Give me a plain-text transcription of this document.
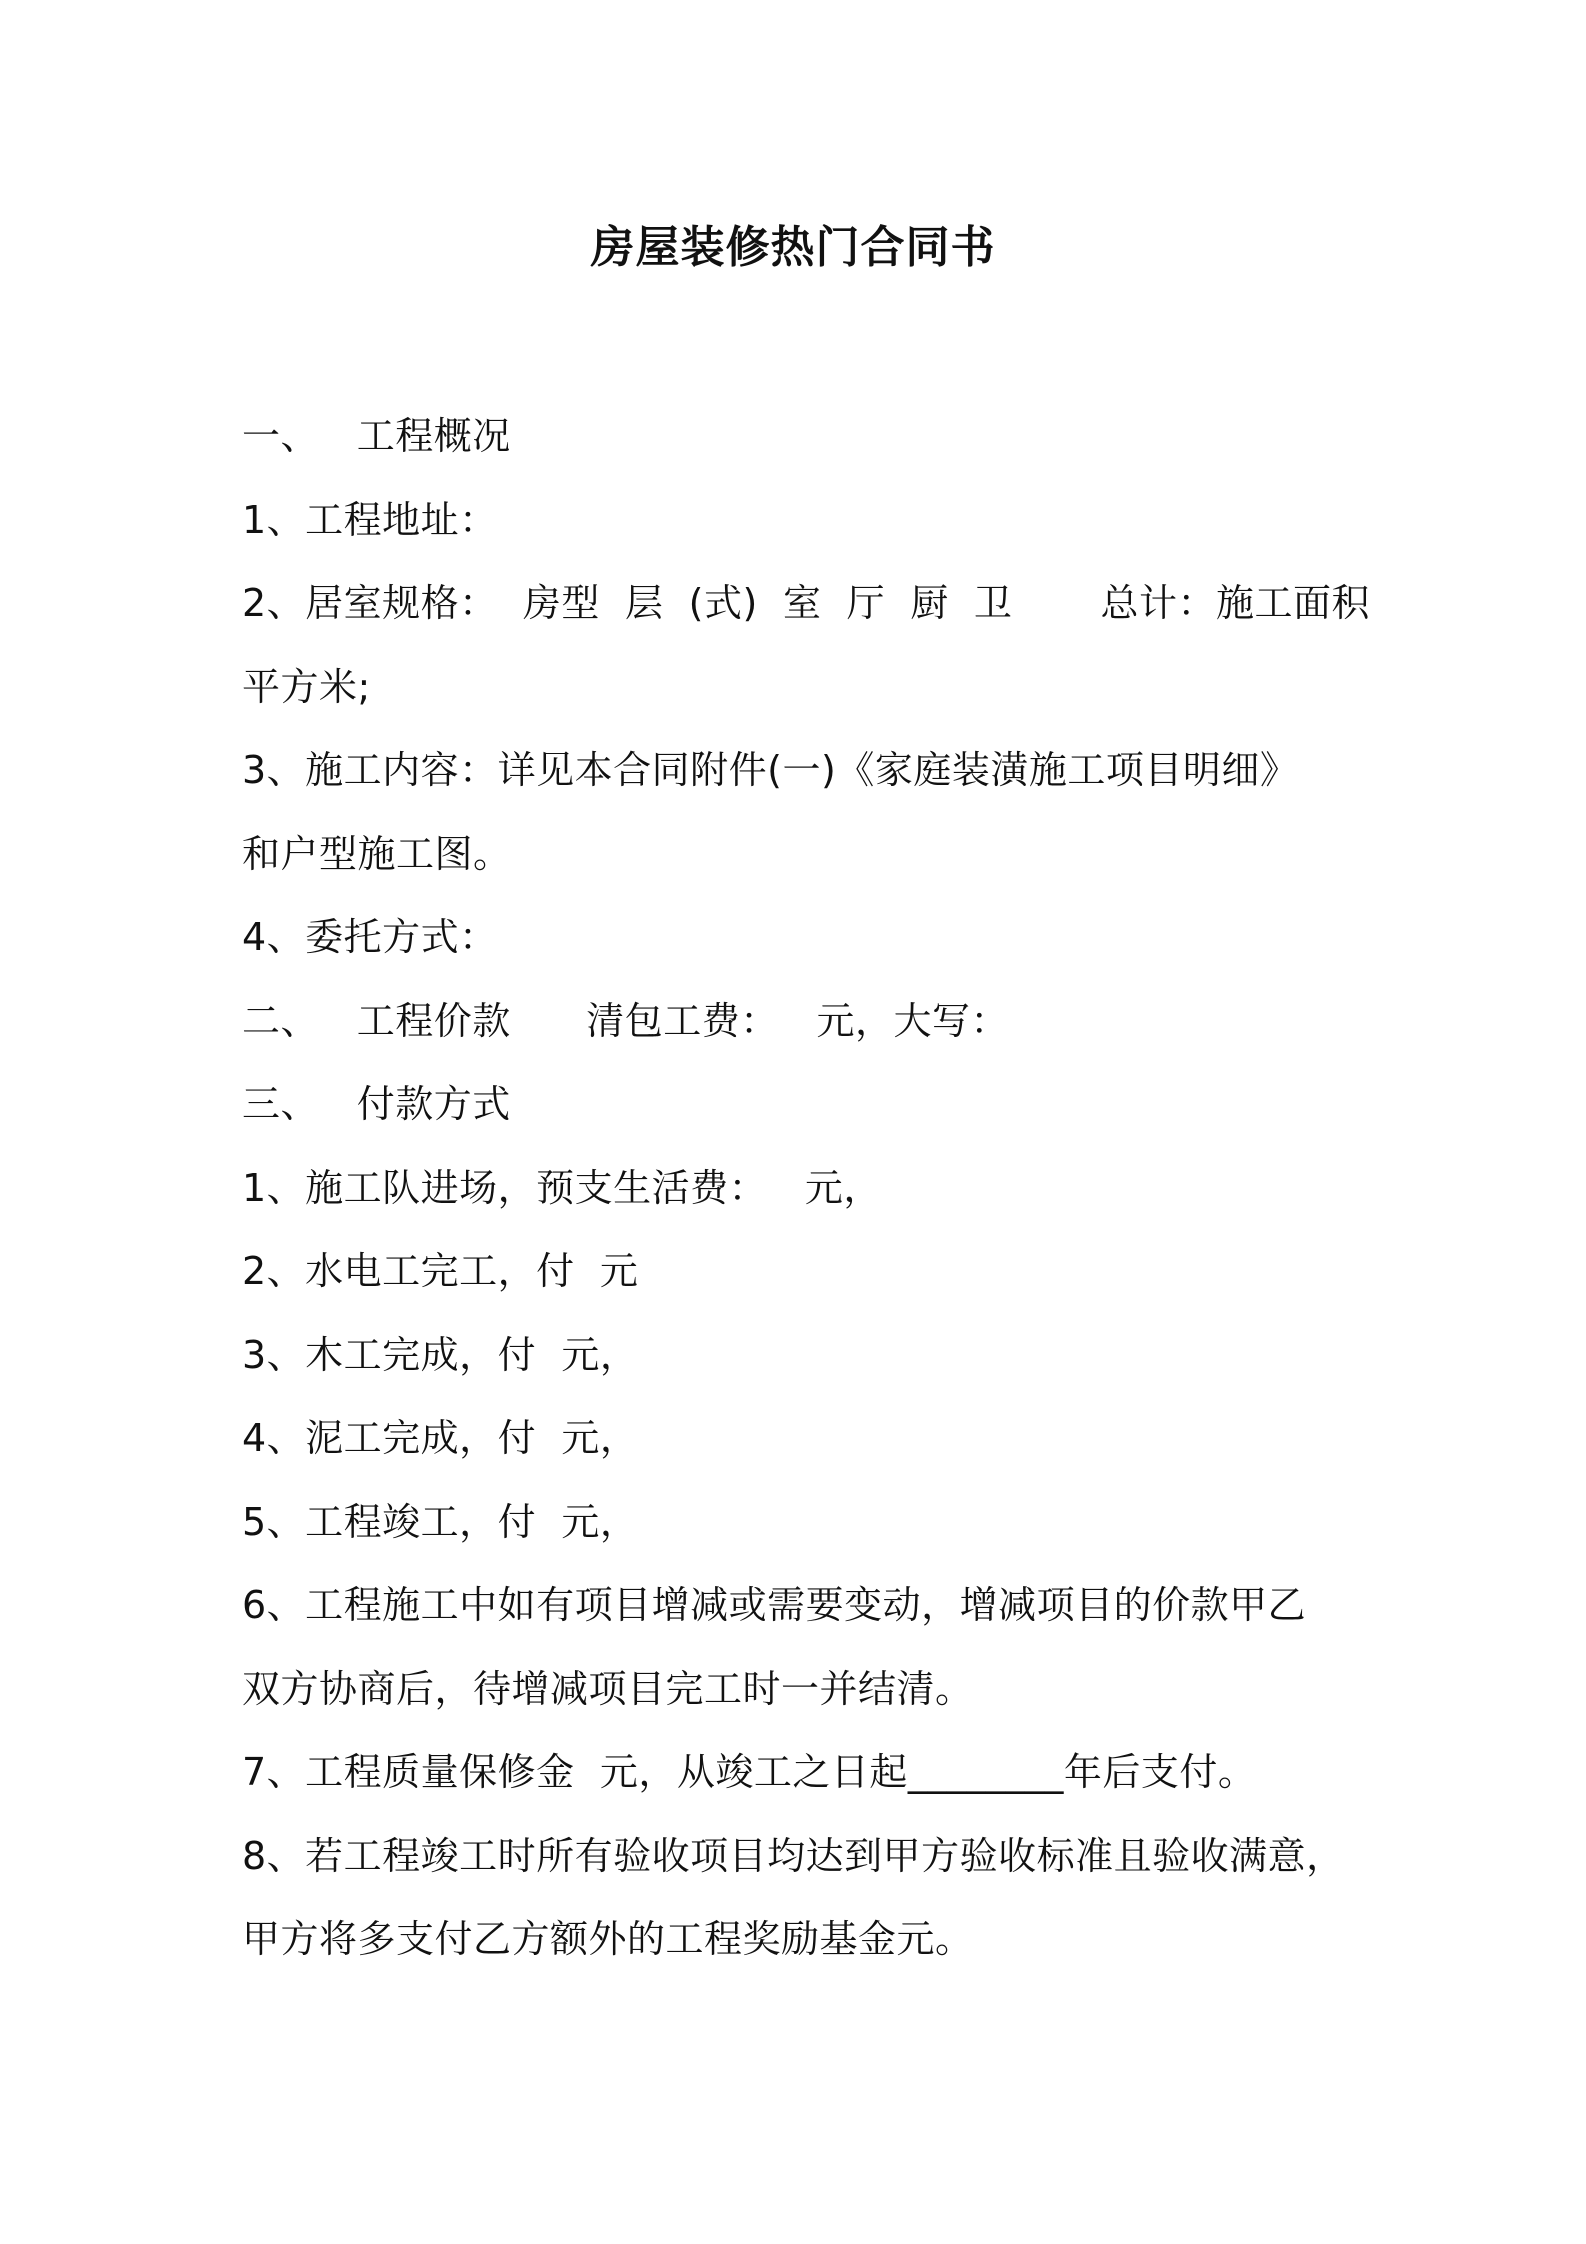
房屋装修热门合同书
一、   工程概况
1、工程地址：
2、居室规格：  房型  层  (式)  室  厅  厨  卫       总计：施工面积
平方米;
3、施工内容：详见本合同附件(一)《家庭装潢施工项目明细》
和户型施工图。
4、委托方式：
二、   工程价款      清包工费：   元，大写：
三、   付款方式
1、施工队进场，预支生活费：   元，
2、水电工完工，付  元
3、木工完成，付  元，
4、泥工完成，付  元，
5、工程竣工，付  元，
6、工程施工中如有项目增减或需要变动，增减项目的价款甲乙
双方协商后，待增减项目完工时一并结清。
7、工程质量保修金  元，从竣工之日起________年后支付。
8、若工程竣工时所有验收项目均达到甲方验收标准且验收满意，
甲方将多支付乙方额外的工程奖励基金元。
